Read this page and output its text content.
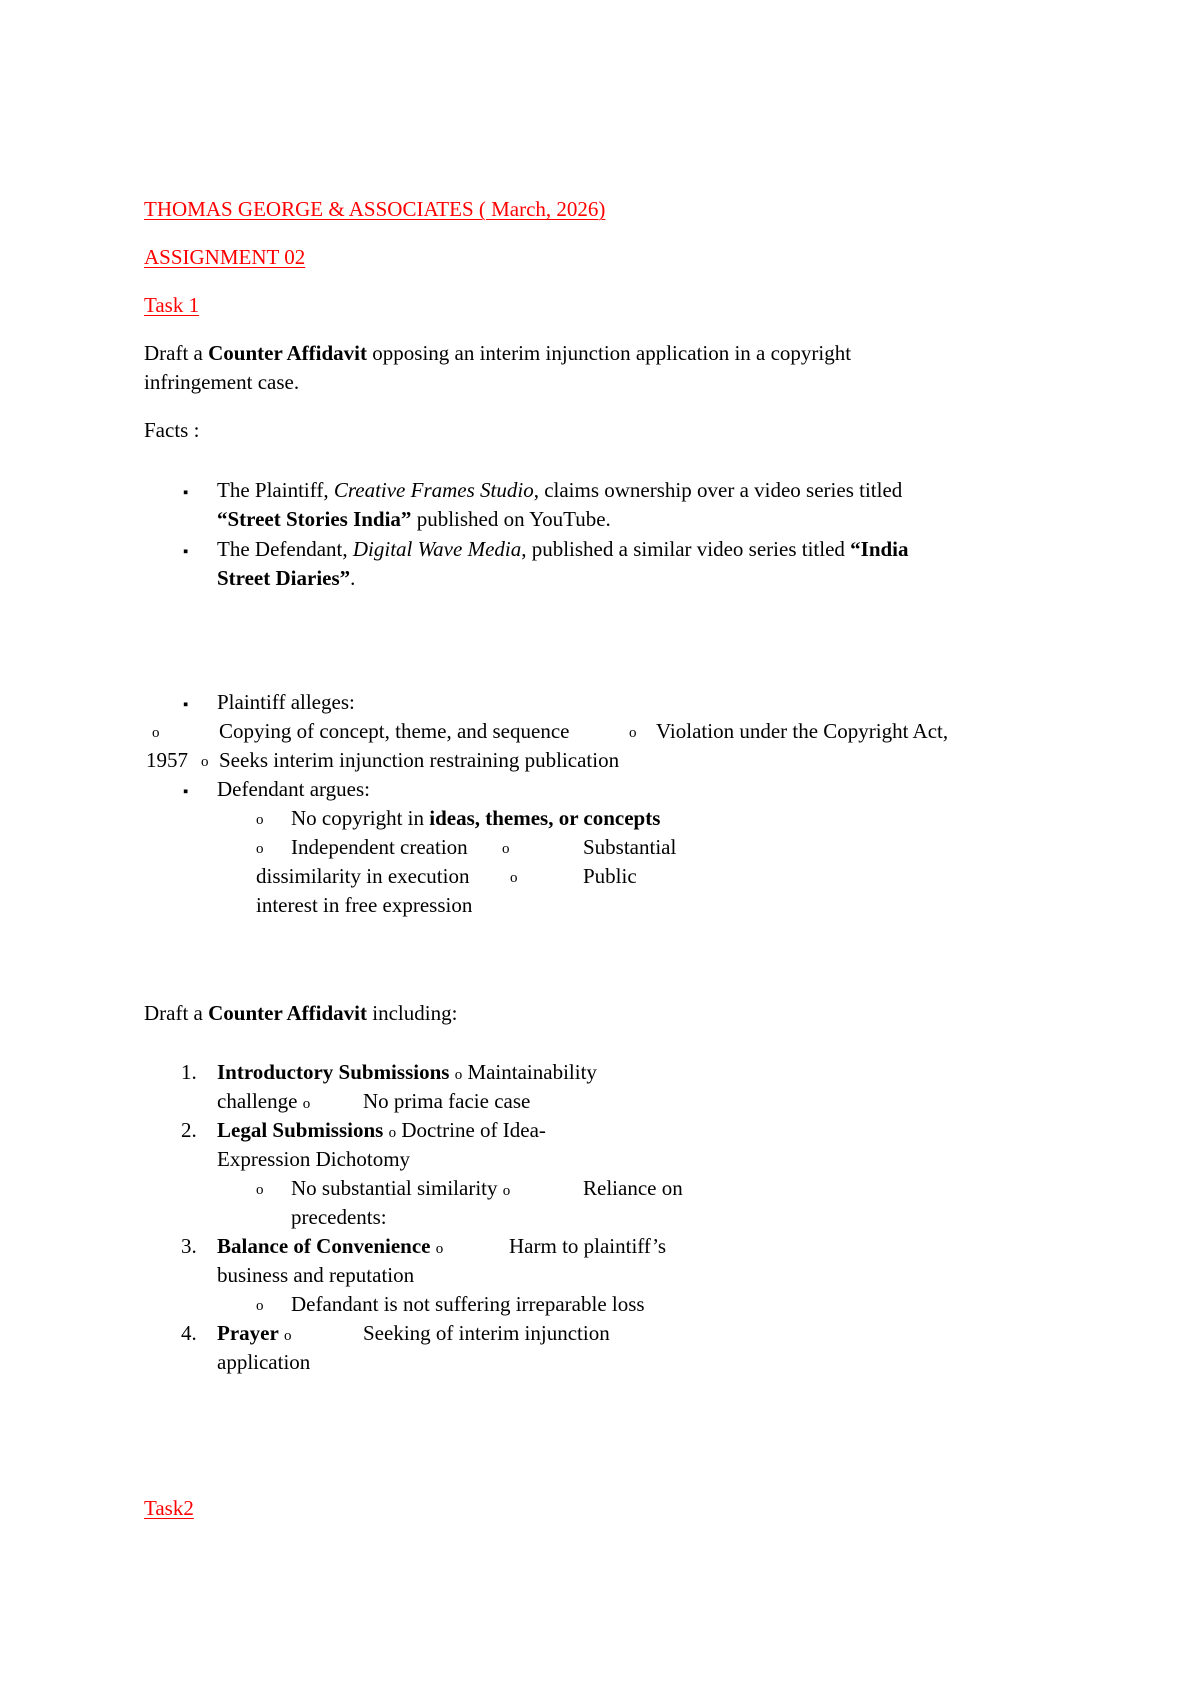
THOMAS GEORGE & ASSOCIATES ( March, 2026)
ASSIGNMENT 02
Task 1
Draft a Counter Affidavit opposing an interim injunction application in a copyright
infringement case.
Facts :
▪ The Plaintiff, Creative Frames Studio, claims ownership over a video series titled
“Street Stories India” published on YouTube.
▪ The Defendant, Digital Wave Media, published a similar video series titled “India
Street Diaries”.
▪ Plaintiff alleges:
o	Copying of concept, theme, and sequence	o Violation under the Copyright Act,
1957 o Seeks interim injunction restraining publication
▪ Defendant argues:
o No copyright in ideas, themes, or concepts
o Independent creation o	Substantial
dissimilarity in execution	o	Public
interest in free expression
Draft a Counter Affidavit including:
1. Introductory Submissions o Maintainability
challenge o	No prima facie case
2. Legal Submissions o Doctrine of Idea-
Expression Dichotomy
o No substantial similarity o	Reliance on
precedents:
3. Balance of Convenience o	Harm to plaintiff’s
business and reputation
o Defandant is not suffering irreparable loss
4. Prayer o	Seeking of interim injunction
application
Task2
